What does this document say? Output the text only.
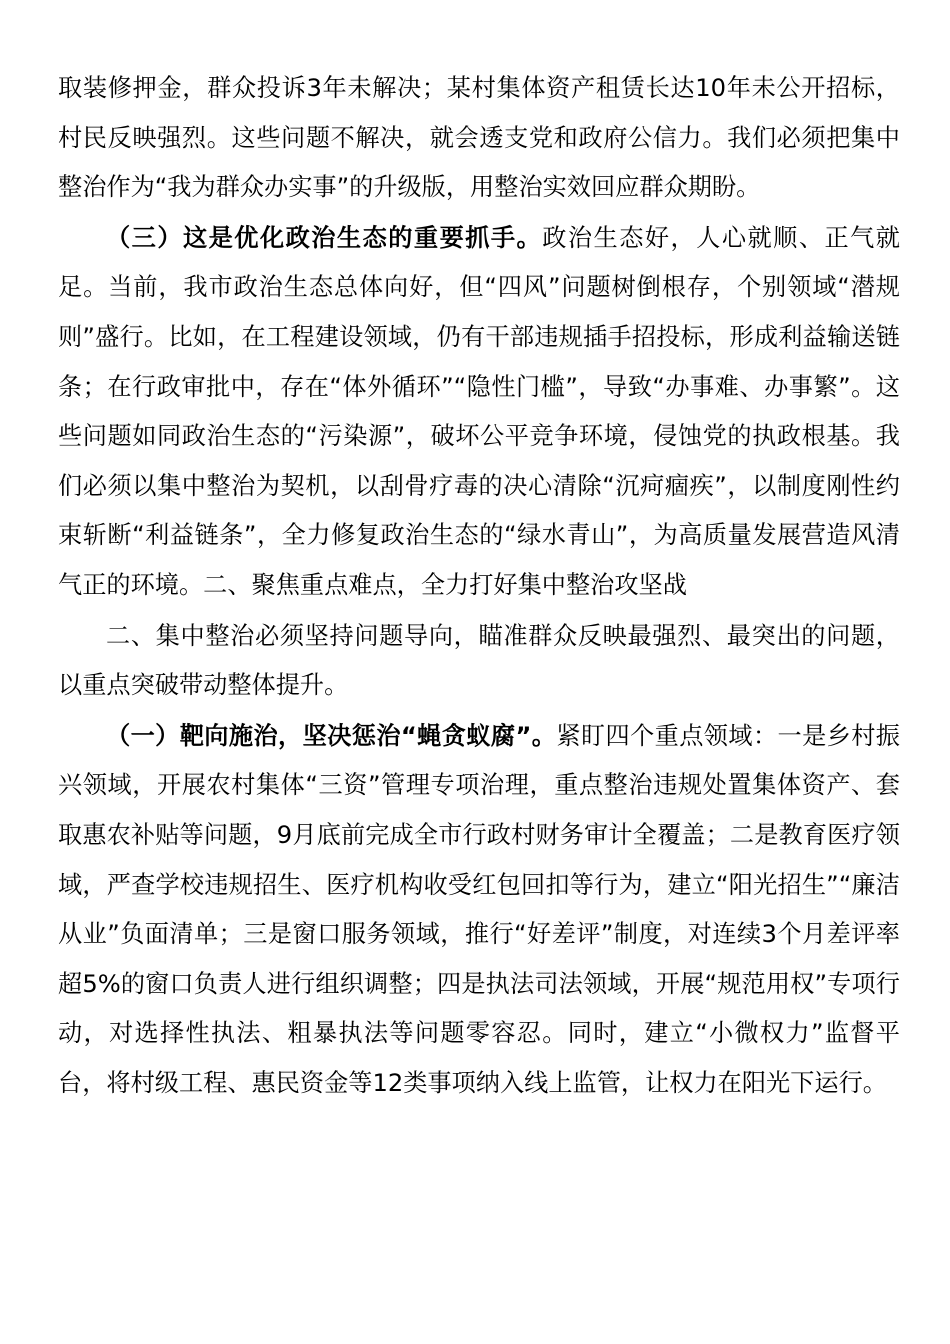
取装修押金，群众投诉3年未解决；某村集体资产租赁长达10年未公开招标，村民反映强烈。这些问题不解决，就会透支党和政府公信力。我们必须把集中整治作为“我为群众办实事”的升级版，用整治实效回应群众期盼。

（三）这是优化政治生态的重要抓手。政治生态好，人心就顺、正气就足。当前，我市政治生态总体向好，但“四风”问题树倒根存，个别领域“潜规则”盛行。比如，在工程建设领域，仍有干部违规插手招投标，形成利益输送链条；在行政审批中，存在“体外循环”“隐性门槛”，导致“办事难、办事繁”。这些问题如同政治生态的“污染源”，破坏公平竞争环境，侵蚀党的执政根基。我们必须以集中整治为契机，以刮骨疗毒的决心清除“沉疴痼疾”，以制度刚性约束斩断“利益链条”，全力修复政治生态的“绿水青山”，为高质量发展营造风清气正的环境。二、聚焦重点难点，全力打好集中整治攻坚战

二、集中整治必须坚持问题导向，瞄准群众反映最强烈、最突出的问题，以重点突破带动整体提升。

（一）靶向施治，坚决惩治“蝇贪蚁腐”。紧盯四个重点领域：一是乡村振兴领域，开展农村集体“三资”管理专项治理，重点整治违规处置集体资产、套取惠农补贴等问题，9月底前完成全市行政村财务审计全覆盖；二是教育医疗领域，严查学校违规招生、医疗机构收受红包回扣等行为，建立“阳光招生”“廉洁从业”负面清单；三是窗口服务领域，推行“好差评”制度，对连续3个月差评率超5%的窗口负责人进行组织调整；四是执法司法领域，开展“规范用权”专项行动，对选择性执法、粗暴执法等问题零容忍。同时，建立“小微权力”监督平台，将村级工程、惠民资金等12类事项纳入线上监管，让权力在阳光下运行。
